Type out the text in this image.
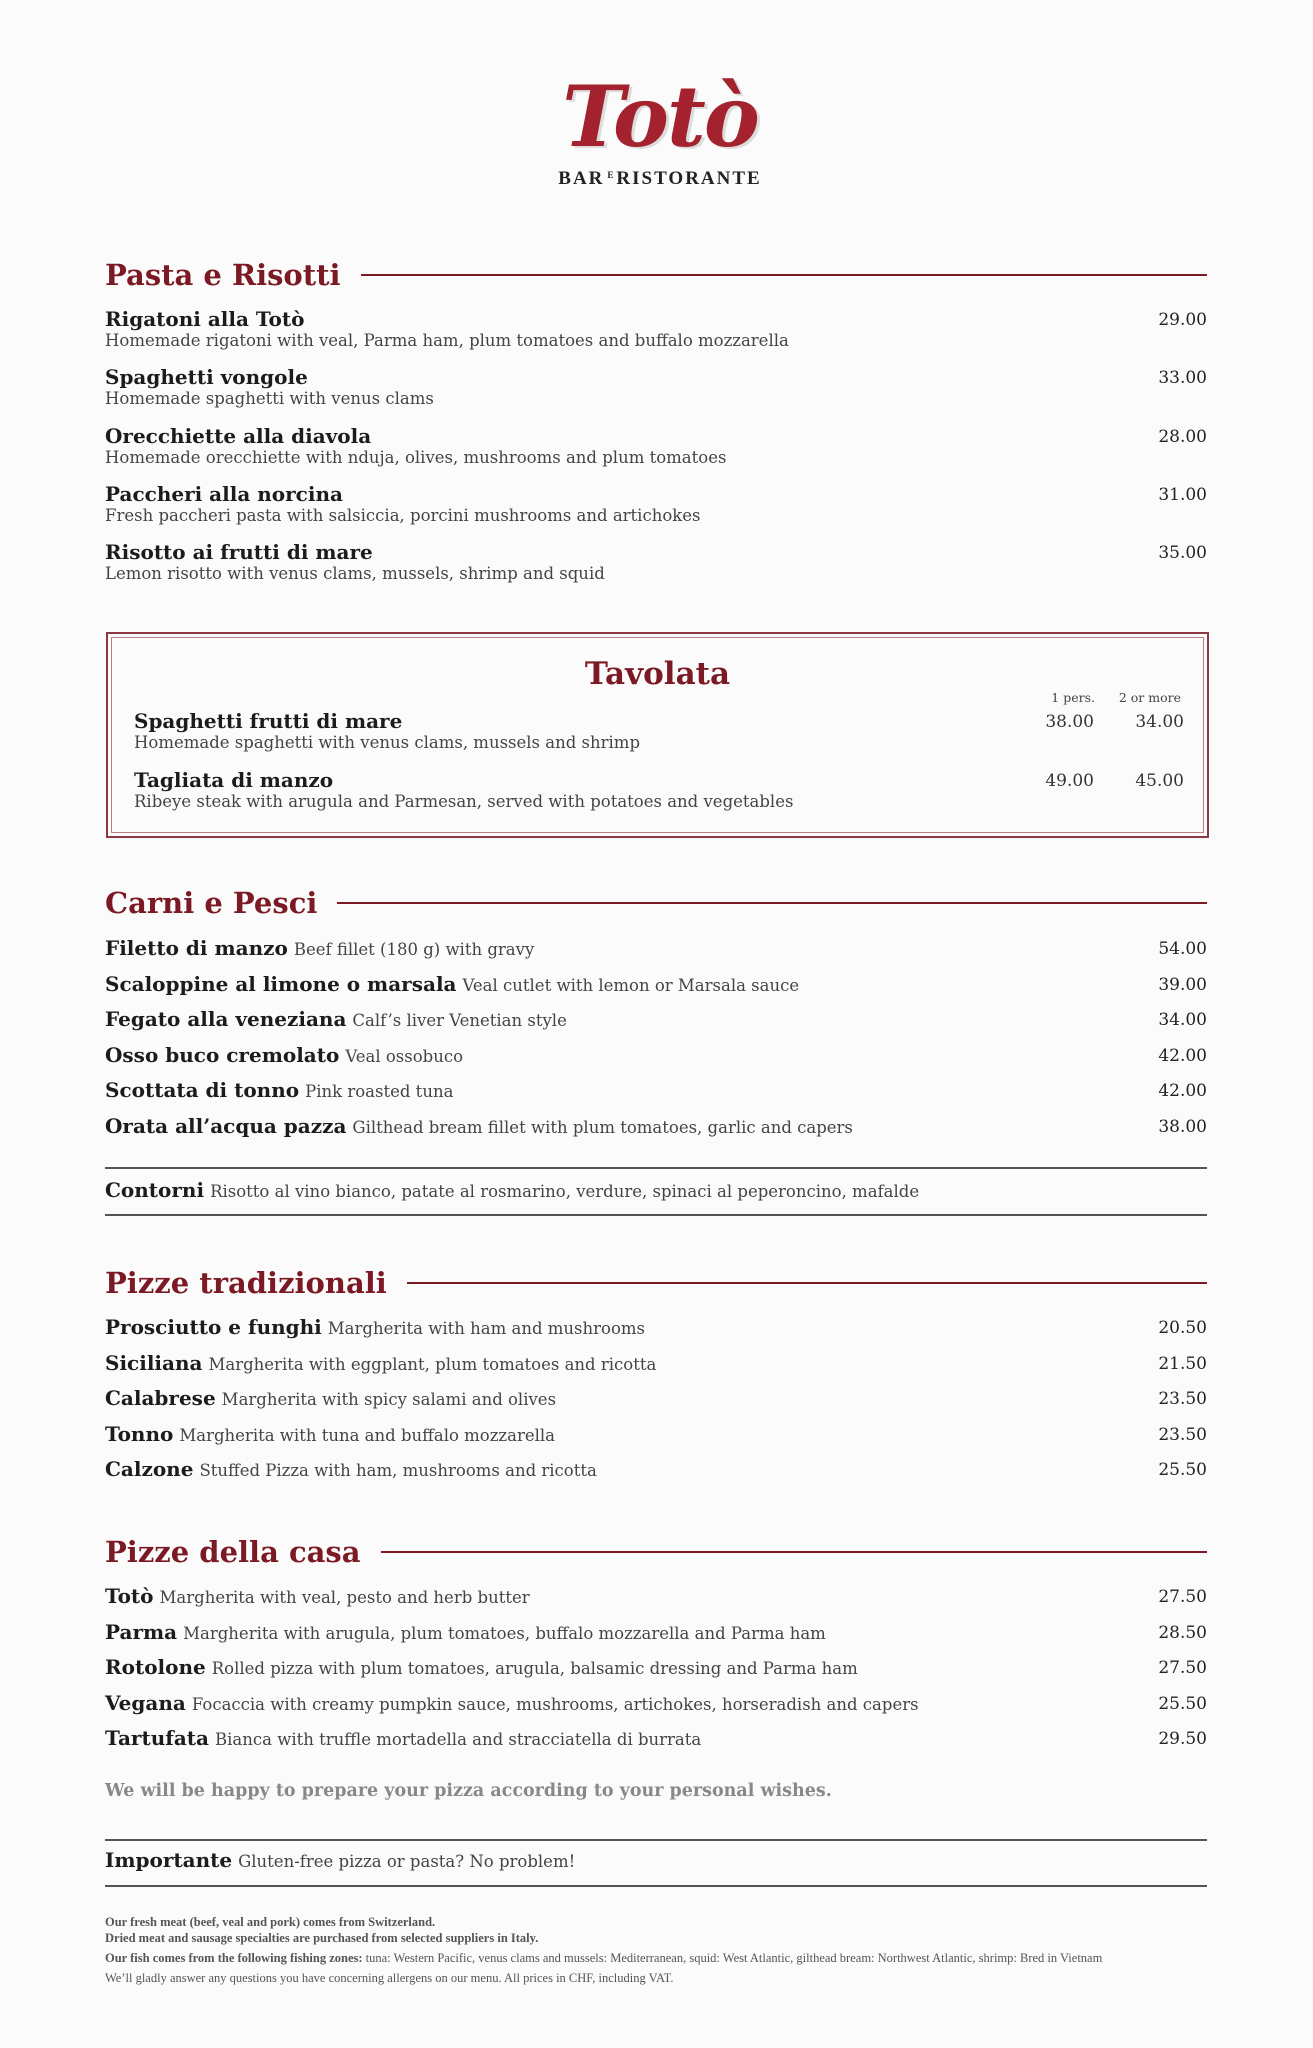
Totò
BAR $^E$ RISTORANTE
Pasta e Risotti
Rigatoni alla Totò
Homemade rigatoni with veal, Parma ham, plum tomatoes and buffalo mozzarella
29.00
Spaghetti vongole
Homemade spaghetti with venus clams
33.00
Orecchiette alla diavola
Homemade orecchiette with nduja, olives, mushrooms and plum tomatoes
28.00
Paccheri alla norcina
Fresh paccheri pasta with salsiccia, porcini mushrooms and artichokes
31.00
Risotto ai frutti di mare
Lemon risotto with venus clams, mussels, shrimp and squid
35.00
Tavolata
1 pers. 2 or more
Spaghetti frutti di mare
Homemade spaghetti with venus clams, mussels and shrimp
38.00 34.00
Tagliata di manzo
Ribeye steak with arugula and Parmesan, served with potatoes and vegetables
49.00 45.00
Carni e Pesci
Filetto di manzo Beef fillet (180 g) with gravy	54.00
Scaloppine al limone o marsala Veal cutlet with lemon or Marsala sauce	39.00
Fegato alla veneziana Calf’s liver Venetian style	34.00
Osso buco cremolato Veal ossobuco	42.00
Scottata di tonno Pink roasted tuna	42.00
Orata all’acqua pazza Gilthead bream fillet with plum tomatoes, garlic and capers	38.00
Contorni Risotto al vino bianco, patate al rosmarino, verdure, spinaci al peperoncino, mafalde
Pizze tradizionali
Prosciutto e funghi Margherita with ham and mushrooms	20.50
Siciliana Margherita with eggplant, plum tomatoes and ricotta	21.50
Calabrese Margherita with spicy salami and olives	23.50
Tonno Margherita with tuna and buffalo mozzarella	23.50
Calzone Stuffed Pizza with ham, mushrooms and ricotta	25.50
Pizze della casa
Totò Margherita with veal, pesto and herb butter	27.50
Parma Margherita with arugula, plum tomatoes, buffalo mozzarella and Parma ham	28.50
Rotolone Rolled pizza with plum tomatoes, arugula, balsamic dressing and Parma ham	27.50
Vegana Focaccia with creamy pumpkin sauce, mushrooms, artichokes, horseradish and capers	25.50
Tartufata Bianca with truffle mortadella and stracciatella di burrata	29.50
We will be happy to prepare your pizza according to your personal wishes.
Importante Gluten-free pizza or pasta? No problem!

Our fresh meat (beef, veal and pork) comes from Switzerland.
Dried meat and sausage specialties are purchased from selected suppliers in Italy.

Our fish comes from the following fishing zones: tuna: Western Pacific, venus clams and mussels: Mediterranean, squid: West Atlantic, gilthead bream: Northwest Atlantic, shrimp: Bred in Vietnam

We’ll gladly answer any questions you have concerning allergens on our menu. All prices in CHF, including VAT.
